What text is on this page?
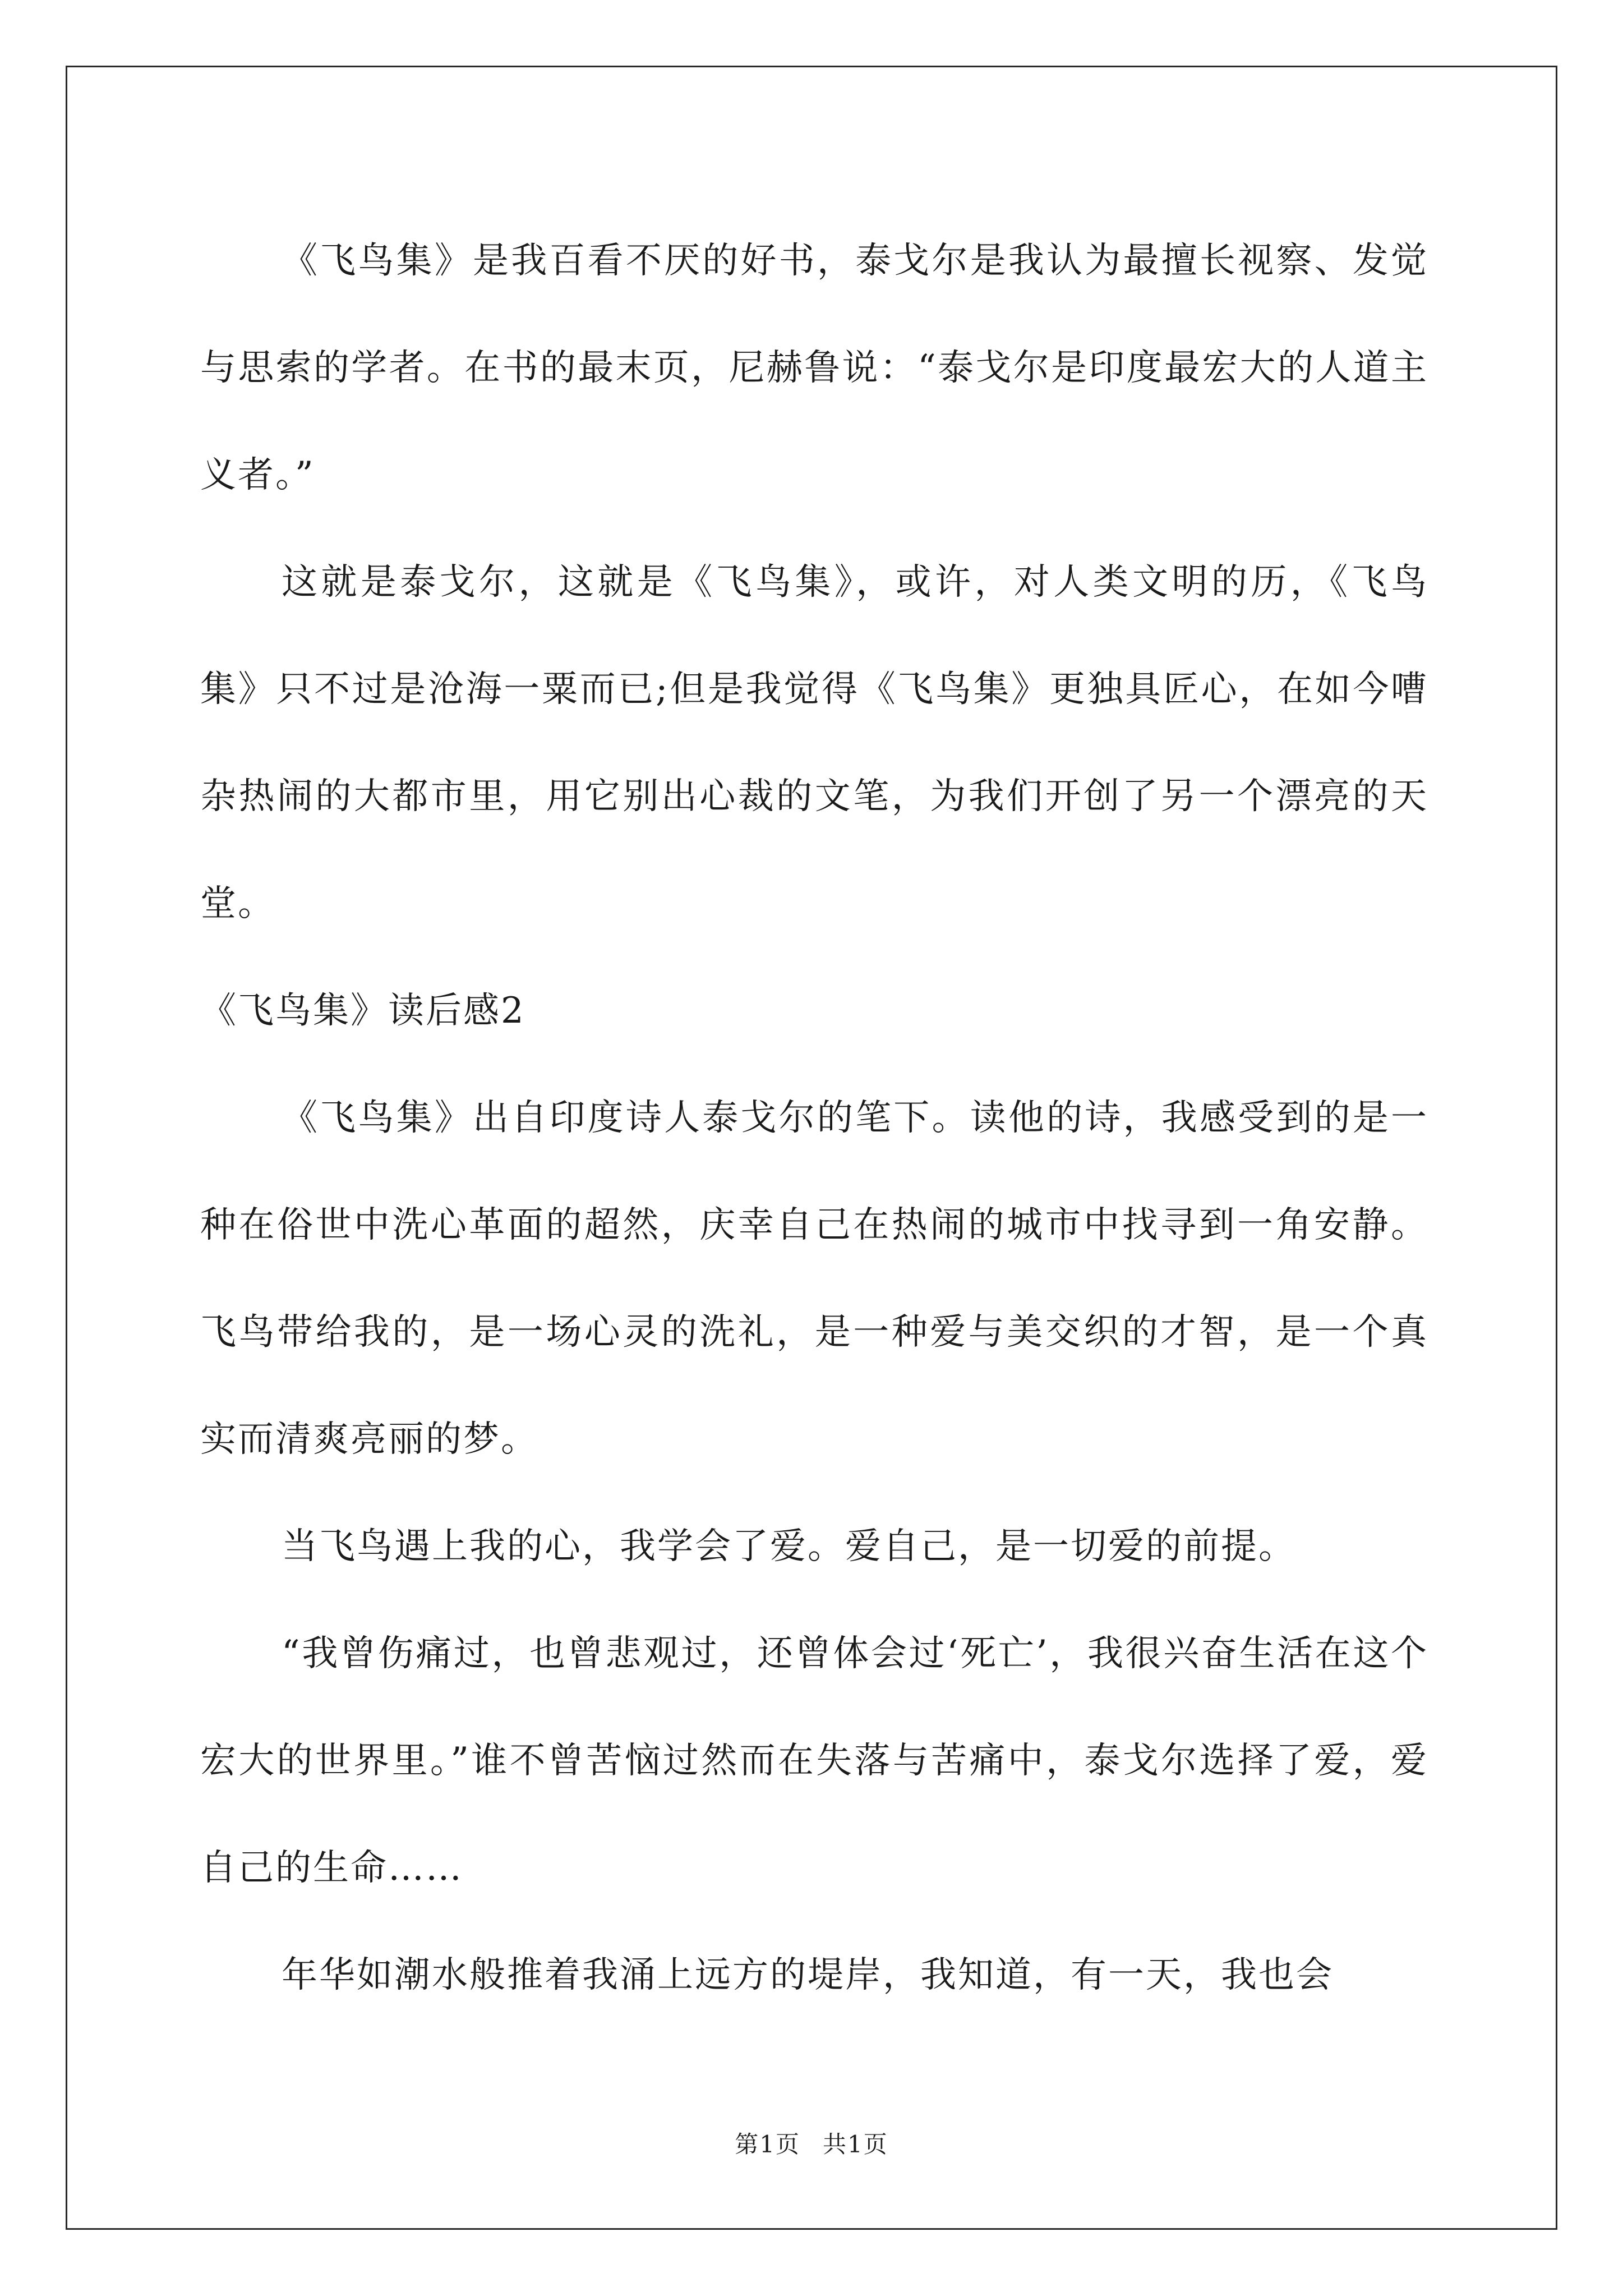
《飞鸟集》是我百看不厌的好书，泰戈尔是我认为最擅长视察、发觉与思索的学者。在书的最末页，尼赫鲁说：“泰戈尔是印度最宏大的人道主义者。”

这就是泰戈尔，这就是《飞鸟集》，或许，对人类文明的历，《飞鸟集》只不过是沧海一粟而已;但是我觉得《飞鸟集》更独具匠心，在如今嘈杂热闹的大都市里，用它别出心裁的文笔，为我们开创了另一个漂亮的天堂。

《飞鸟集》读后感2

《飞鸟集》出自印度诗人泰戈尔的笔下。读他的诗，我感受到的是一种在俗世中洗心革面的超然，庆幸自己在热闹的城市中找寻到一角安静。飞鸟带给我的，是一场心灵的洗礼，是一种爱与美交织的才智，是一个真实而清爽亮丽的梦。

当飞鸟遇上我的心，我学会了爱。爱自己，是一切爱的前提。

“我曾伤痛过，也曾悲观过，还曾体会过‘死亡’，我很兴奋生活在这个宏大的世界里。”谁不曾苦恼过然而在失落与苦痛中，泰戈尔选择了爱，爱自己的生命……

年华如潮水般推着我涌上远方的堤岸，我知道，有一天，我也会

第1页 共1页
